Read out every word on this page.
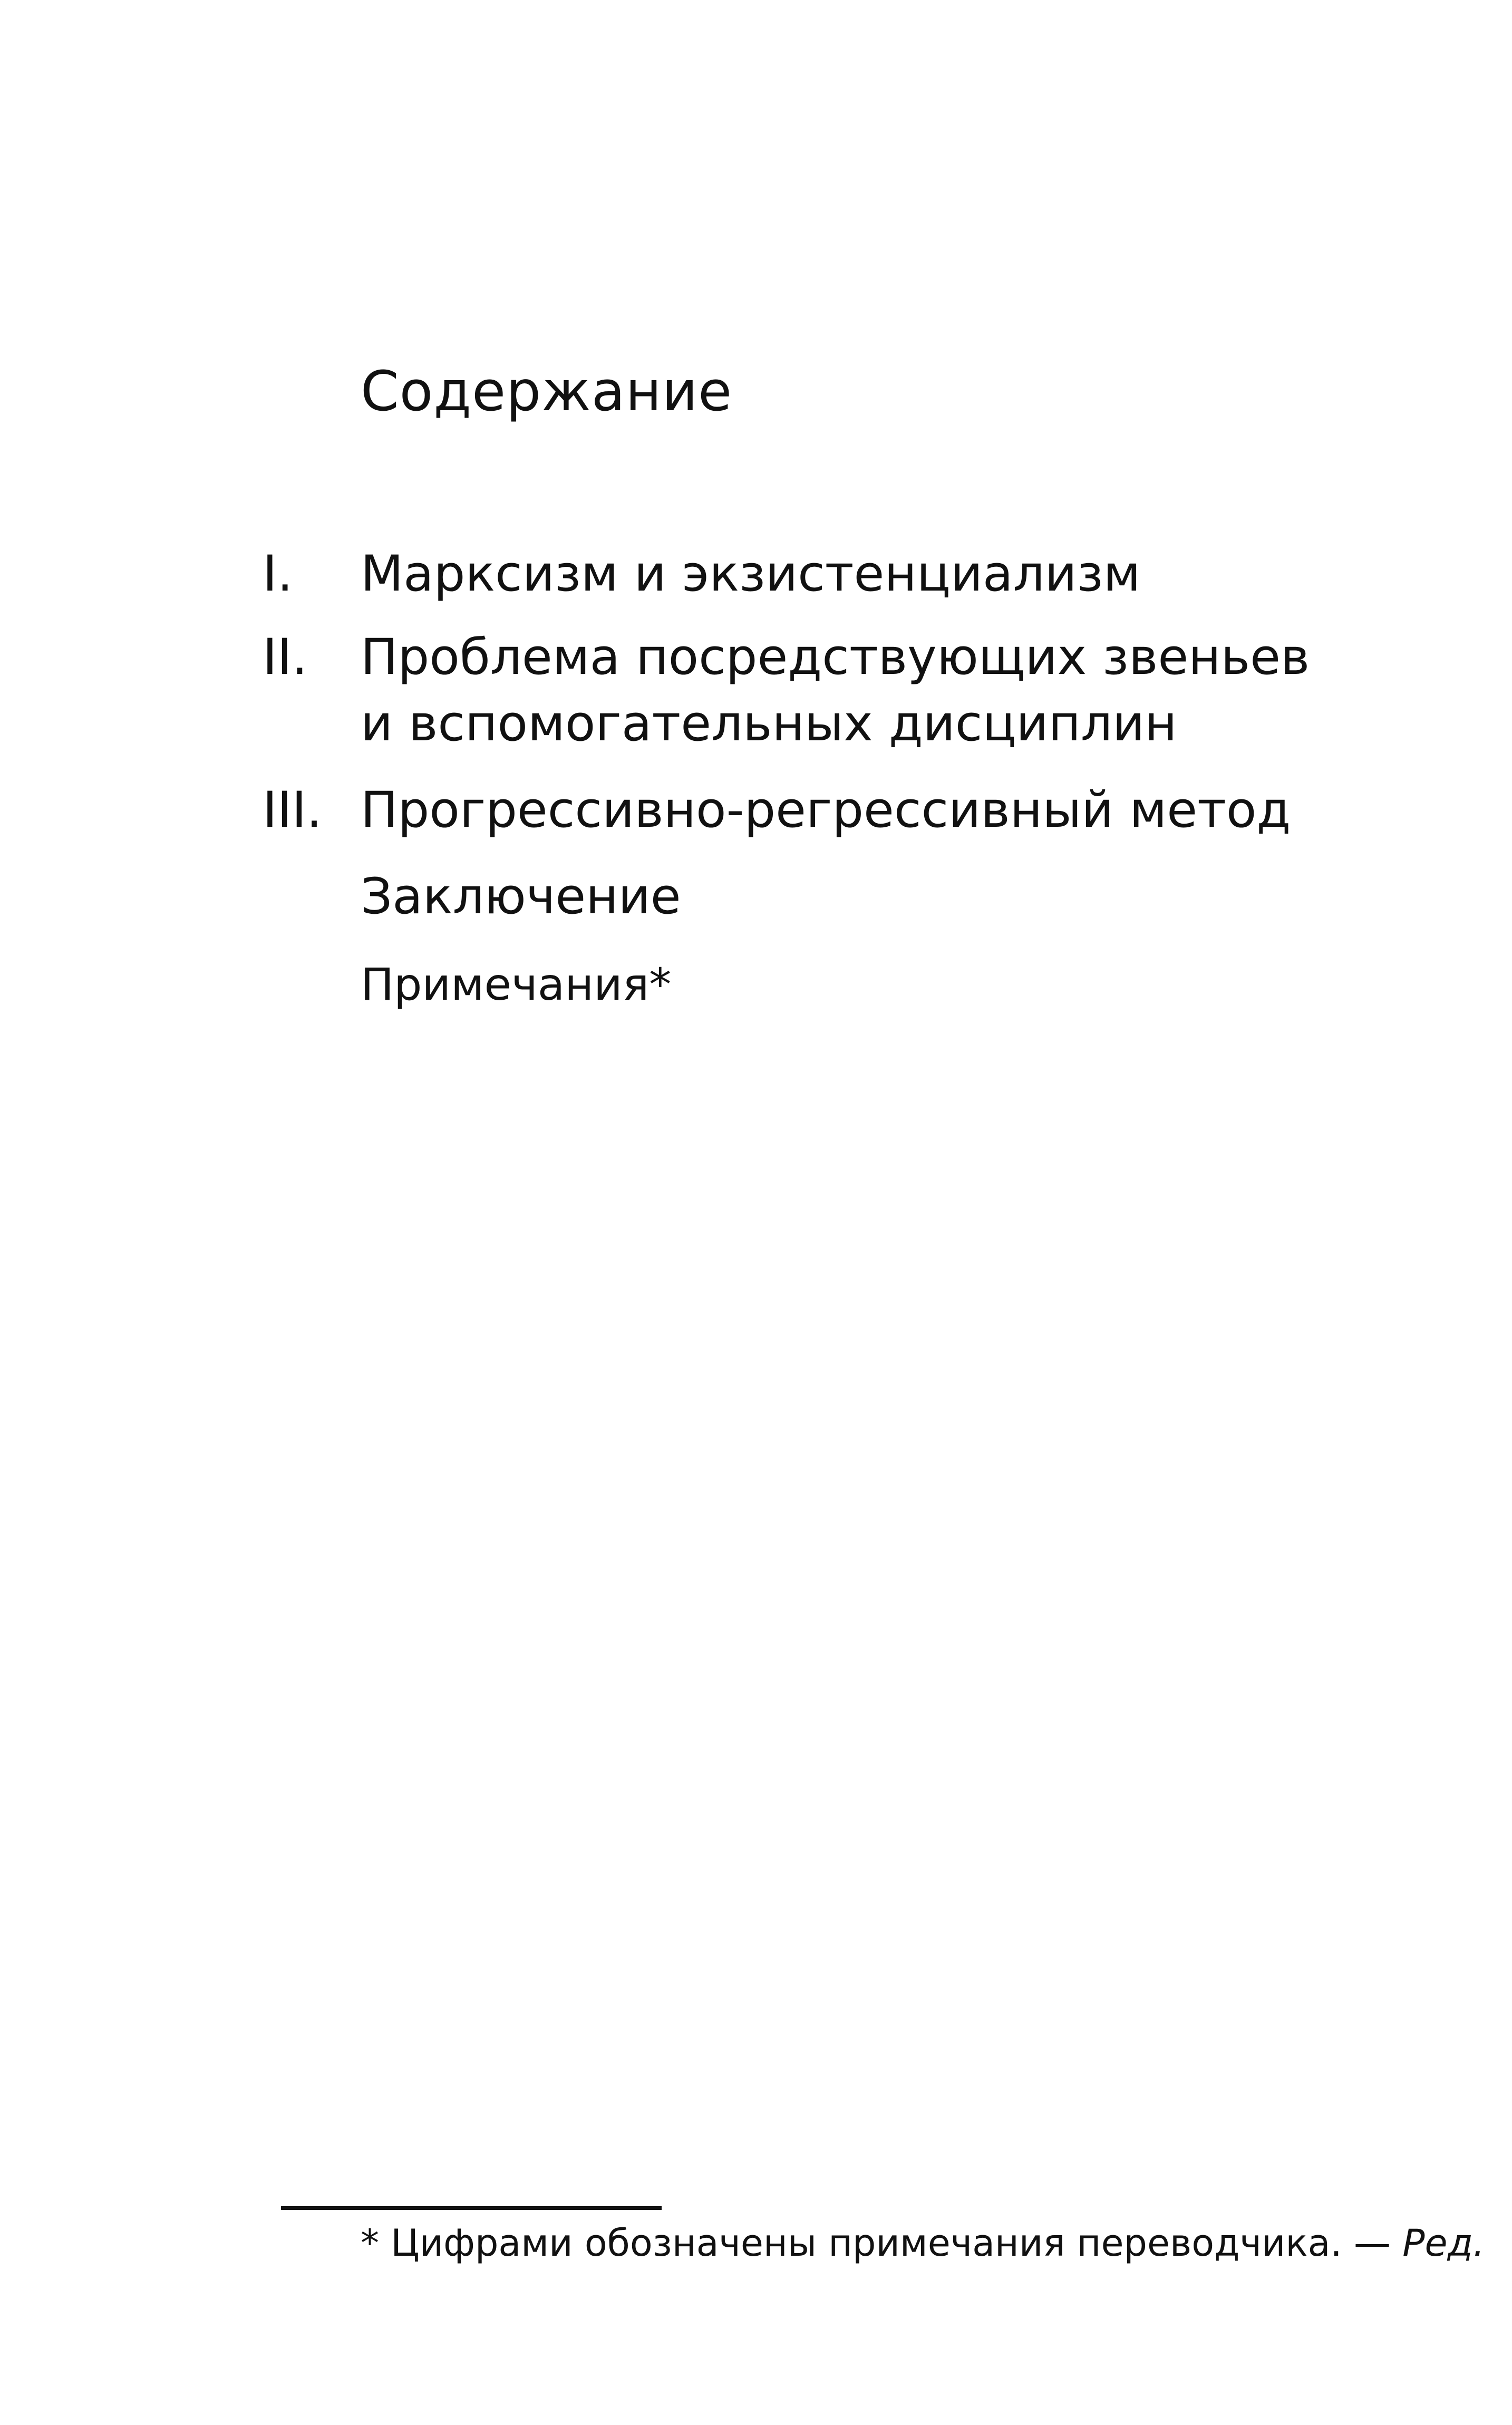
Содержание
I. Марксизм и экзистенциализм
II. Проблема посредствующих звеньев
и вспомогательных дисциплин
III. Прогрессивно-регрессивный метод
Заключение
Примечания*
* Цифрами обозначены примечания переводчика. — Ред.
